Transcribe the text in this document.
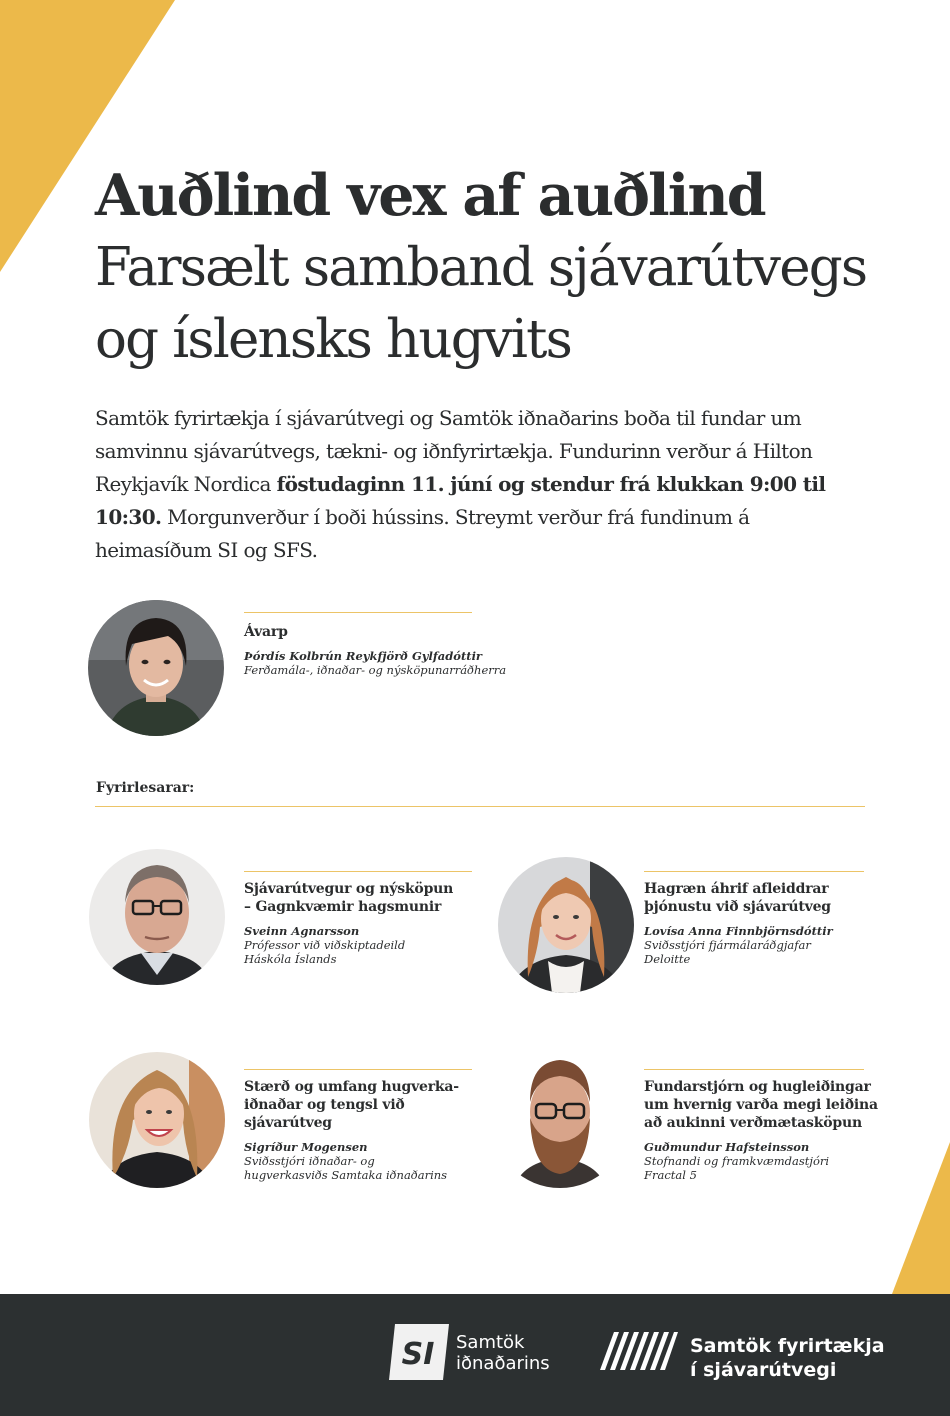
Auðlind vex af auðlind
Farsælt samband sjávarútvegs
og íslensks hugvits

Samtök fyrirtækja í sjávarútvegi og Samtök iðnaðarins boða til fundar um samvinnu sjávarútvegs, tækni- og iðnfyrirtækja. Fundurinn verður á Hilton Reykjavík Nordica föstudaginn 11. júní og stendur frá klukkan 9:00 til 10:30. Morgunverður í boði hússins. Streymt verður frá fundinum á heimasíðum SI og SFS.

Ávarp
Þórdís Kolbrún Reykfjörð Gylfadóttir
Ferðamála-, iðnaðar- og nýsköpunarráðherra
Fyrirlesarar:
Sjávarútvegur og nýsköpun
– Gagnkvæmir hagsmunir
Sveinn Agnarsson
Prófessor við viðskiptadeild
Háskóla Íslands
Hagræn áhrif afleiddrar
þjónustu við sjávarútveg
Lovísa Anna Finnbjörnsdóttir
Sviðsstjóri fjármálaráðgjafar
Deloitte
Stærð og umfang hugverka-
iðnaðar og tengsl við sjávarútveg
Sigríður Mogensen
Sviðsstjóri iðnaðar- og
hugverkasviðs Samtaka iðnaðarins
Fundarstjórn og hugleiðingar
um hvernig varða megi leiðina
að aukinni verðmætasköpun
Guðmundur Hafsteinsson
Stofnandi og framkvæmdastjóri
Fractal 5
SI Samtök
iðnaðarins
Samtök fyrirtækja
í sjávarútvegi
